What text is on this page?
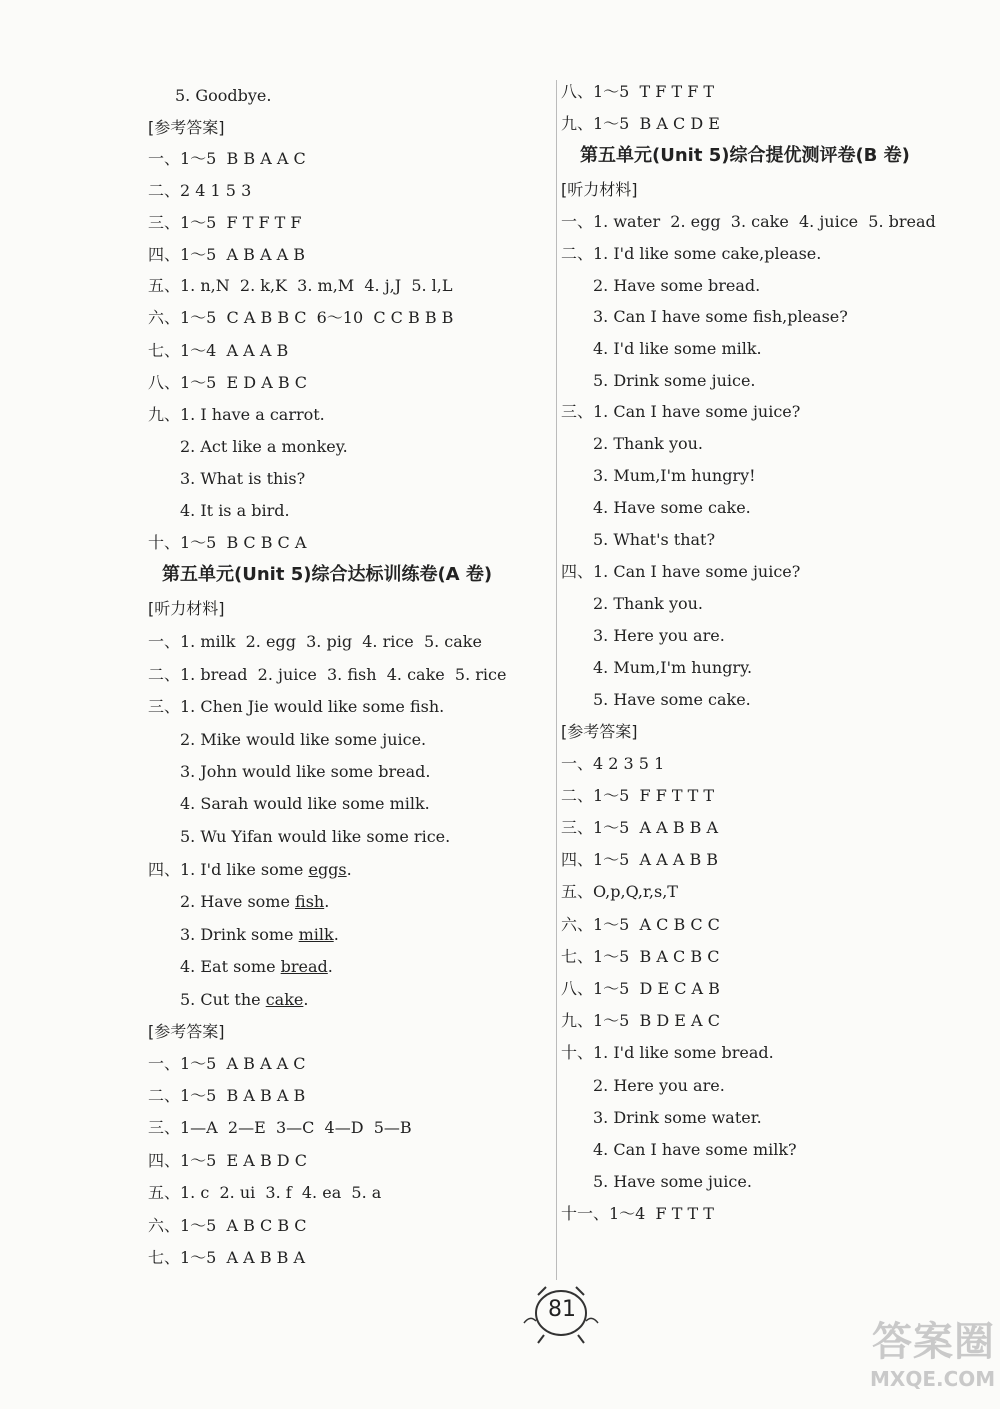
5. Goodbye.
[参考答案]
一、1～5  B B A A C
二、2 4 1 5 3
三、1～5  F T F T F
四、1～5  A B A A B
五、1. n,N  2. k,K  3. m,M  4. j,J  5. l,L
六、1～5  C A B B C  6～10  C C B B B
七、1～4  A A A B
八、1～5  E D A B C
九、1. I have a carrot.
2. Act like a monkey.
3. What is this?
4. It is a bird.
十、1～5  B C B C A
第五单元(Unit 5)综合达标训练卷(A 卷)
[听力材料]
一、1. milk  2. egg  3. pig  4. rice  5. cake
二、1. bread  2. juice  3. fish  4. cake  5. rice
三、1. Chen Jie would like some fish.
2. Mike would like some juice.
3. John would like some bread.
4. Sarah would like some milk.
5. Wu Yifan would like some rice.
四、1. I'd like some eggs.
2. Have some fish.
3. Drink some milk.
4. Eat some bread.
5. Cut the cake.
[参考答案]
一、1～5  A B A A C
二、1～5  B A B A B
三、1—A  2—E  3—C  4—D  5—B
四、1～5  E A B D C
五、1. c  2. ui  3. f  4. ea  5. a
六、1～5  A B C B C
七、1～5  A A B B A
八、1～5  T F T F T
九、1～5  B A C D E
第五单元(Unit 5)综合提优测评卷(B 卷)
[听力材料]
一、1. water  2. egg  3. cake  4. juice  5. bread
二、1. I'd like some cake,please.
2. Have some bread.
3. Can I have some fish,please?
4. I'd like some milk.
5. Drink some juice.
三、1. Can I have some juice?
2. Thank you.
3. Mum,I'm hungry!
4. Have some cake.
5. What's that?
四、1. Can I have some juice?
2. Thank you.
3. Here you are.
4. Mum,I'm hungry.
5. Have some cake.
[参考答案]
一、4 2 3 5 1
二、1～5  F F T T T
三、1～5  A A B B A
四、1～5  A A A B B
五、O,p,Q,r,s,T
六、1～5  A C B C C
七、1～5  B A C B C
八、1～5  D E C A B
九、1～5  B D E A C
十、1. I'd like some bread.
2. Here you are.
3. Drink some water.
4. Can I have some milk?
5. Have some juice.
十一、1～4  F T T T
81
答案圈
MXQE.COM
